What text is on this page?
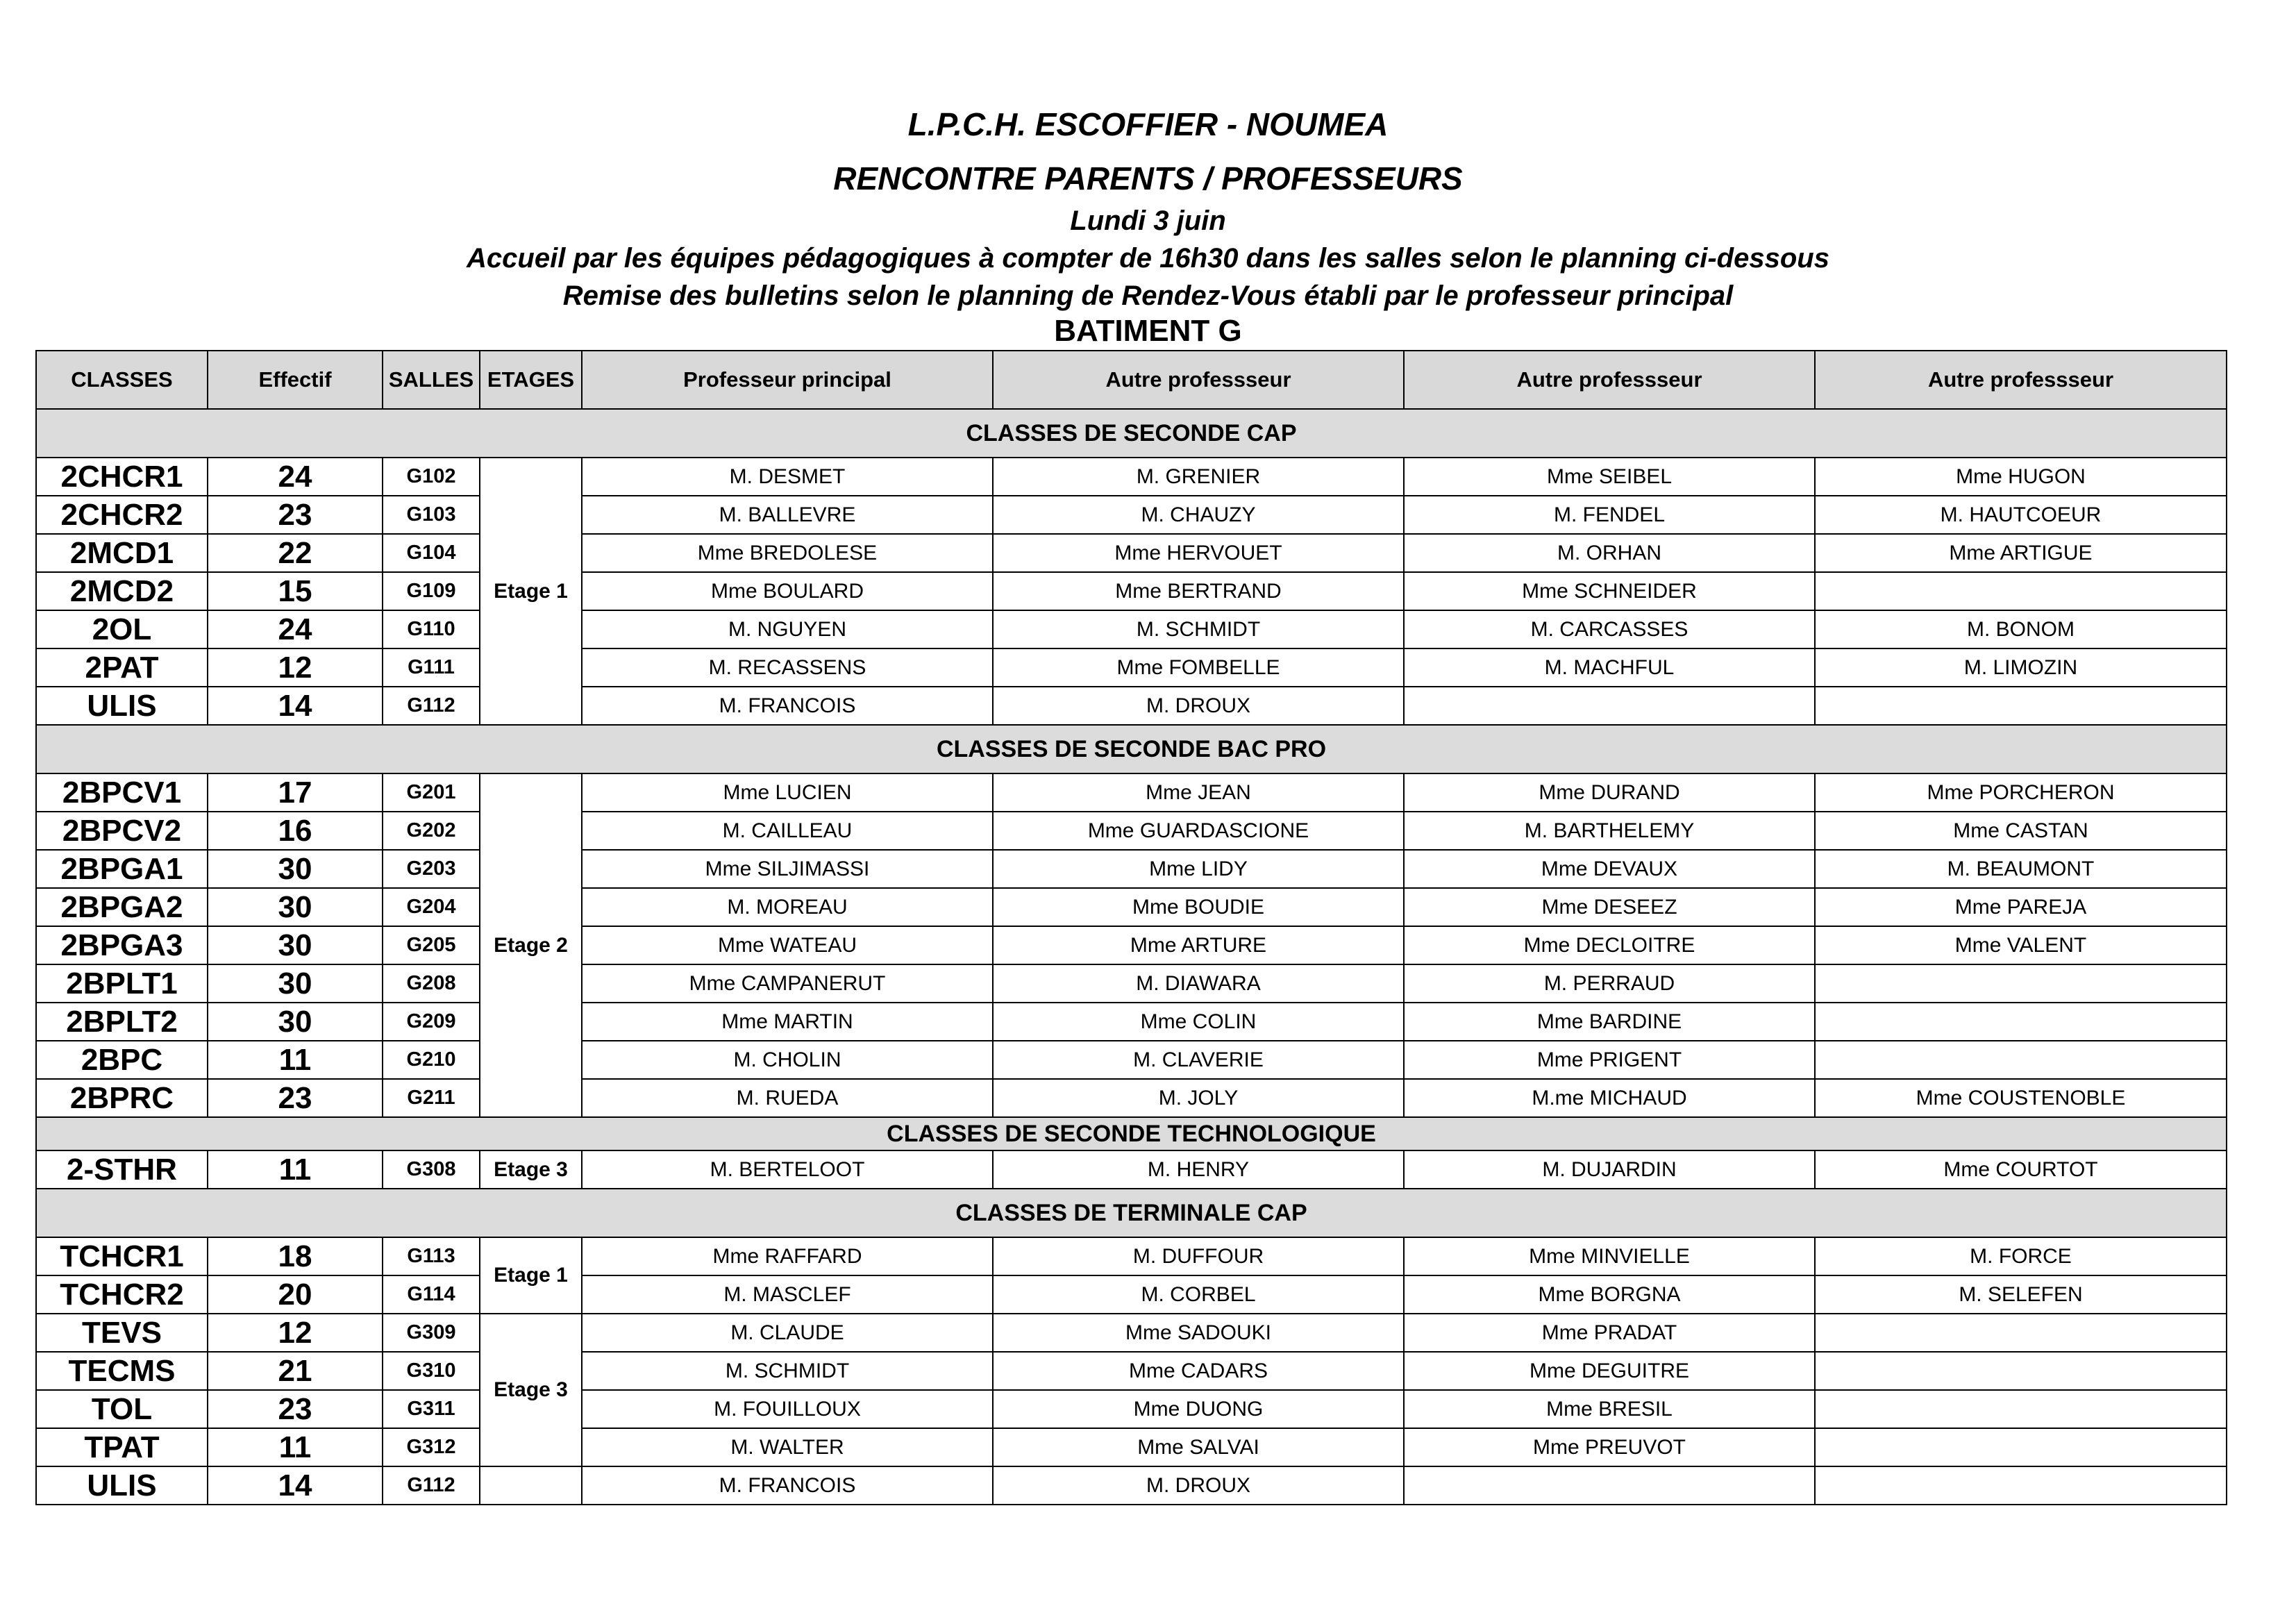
L.P.C.H. ESCOFFIER - NOUMEA
RENCONTRE PARENTS / PROFESSEURS
Lundi 3 juin
Accueil par les équipes pédagogiques à compter de 16h30 dans les salles selon le planning ci-dessous
Remise des bulletins selon le planning de Rendez-Vous établi par le professeur principal
BATIMENT G
CLASSES	Effectif	SALLES	ETAGES	Professeur principal	Autre professseur	Autre professseur	Autre professseur
CLASSES DE SECONDE CAP							
2CHCR1	24	G102	Etage 1	M. DESMET	M. GRENIER	Mme SEIBEL	Mme HUGON
2CHCR2	23	G103		M. BALLEVRE	M. CHAUZY	M. FENDEL	M. HAUTCOEUR
2MCD1	22	G104		Mme BREDOLESE	Mme HERVOUET	M. ORHAN	Mme ARTIGUE
2MCD2	15	G109		Mme BOULARD	Mme BERTRAND	Mme SCHNEIDER	
2OL	24	G110		M. NGUYEN	M. SCHMIDT	M. CARCASSES	M. BONOM
2PAT	12	G111		M. RECASSENS	Mme FOMBELLE	M. MACHFUL	M. LIMOZIN
ULIS	14	G112		M. FRANCOIS	M. DROUX		
CLASSES DE SECONDE BAC PRO							
2BPCV1	17	G201	Etage 2	Mme LUCIEN	Mme JEAN	Mme DURAND	Mme PORCHERON
2BPCV2	16	G202		M. CAILLEAU	Mme GUARDASCIONE	M. BARTHELEMY	Mme CASTAN
2BPGA1	30	G203		Mme SILJIMASSI	Mme LIDY	Mme DEVAUX	M. BEAUMONT
2BPGA2	30	G204		M. MOREAU	Mme BOUDIE	Mme DESEEZ	Mme PAREJA
2BPGA3	30	G205		Mme WATEAU	Mme ARTURE	Mme DECLOITRE	Mme VALENT
2BPLT1	30	G208		Mme CAMPANERUT	M. DIAWARA	M. PERRAUD	
2BPLT2	30	G209		Mme MARTIN	Mme COLIN	Mme BARDINE	
2BPC	11	G210		M. CHOLIN	M. CLAVERIE	Mme PRIGENT	
2BPRC	23	G211		M. RUEDA	M. JOLY	M.me MICHAUD	Mme COUSTENOBLE
CLASSES DE SECONDE TECHNOLOGIQUE							
2-STHR	11	G308	Etage 3	M. BERTELOOT	M. HENRY	M. DUJARDIN	Mme COURTOT
CLASSES DE TERMINALE CAP							
TCHCR1	18	G113	Etage 1	Mme RAFFARD	M. DUFFOUR	Mme MINVIELLE	M. FORCE
TCHCR2	20	G114		M. MASCLEF	M. CORBEL	Mme BORGNA	M. SELEFEN
TEVS	12	G309	Etage 3	M. CLAUDE	Mme SADOUKI	Mme PRADAT	
TECMS	21	G310		M. SCHMIDT	Mme CADARS	Mme DEGUITRE	
TOL	23	G311		M. FOUILLOUX	Mme DUONG	Mme BRESIL	
TPAT	11	G312		M. WALTER	Mme SALVAI	Mme PREUVOT	
ULIS	14	G112		M. FRANCOIS	M. DROUX		
